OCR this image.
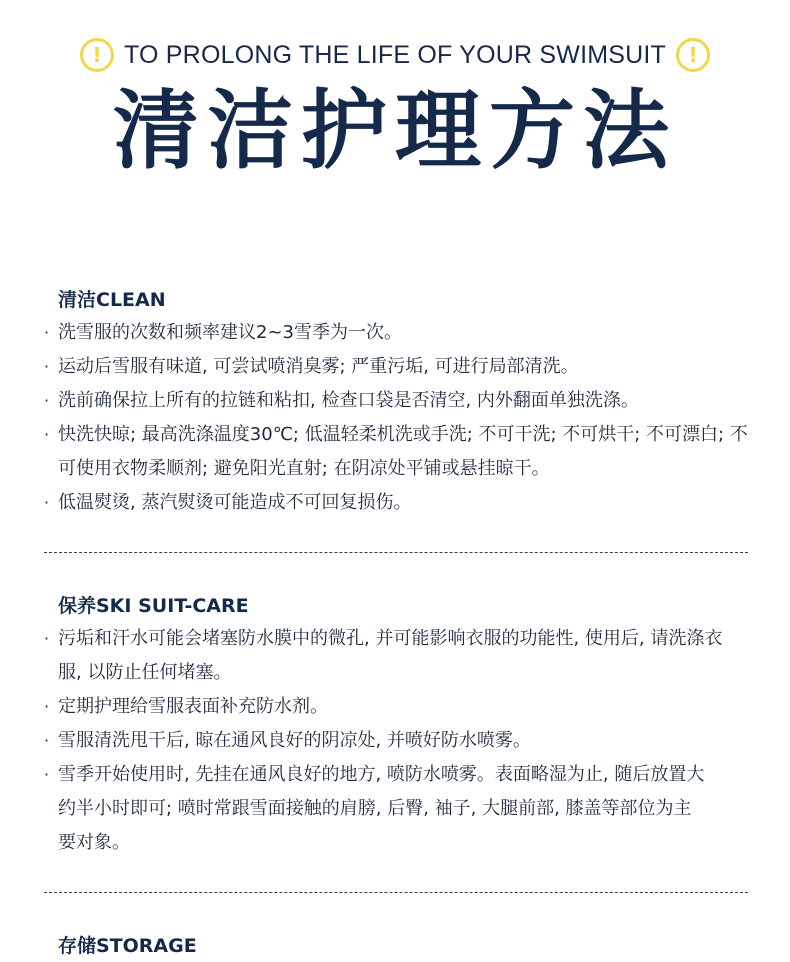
! TO PROLONG THE LIFE OF YOUR SWIMSUIT	!
清洁护理方法
清洁CLEAN
· 洗雪服的次数和频率建议2~3雪季为一次。
· 运动后雪服有味道, 可尝试喷消臭雾; 严重污垢, 可进行局部清洗。
· 洗前确保拉上所有的拉链和粘扣, 检查口袋是否清空, 内外翻面单独洗涤。
· 快洗快晾; 最高洗涤温度30℃; 低温轻柔机洗或手洗; 不可干洗; 不可烘干; 不可漂白; 不可使用衣物柔顺剂; 避免阳光直射; 在阴凉处平铺或悬挂晾干。
· 低温熨烫, 蒸汽熨烫可能造成不可回复损伤。
保养SKI SUIT-CARE
· 污垢和汗水可能会堵塞防水膜中的微孔, 并可能影响衣服的功能性, 使用后, 请洗涤衣服, 以防止任何堵塞。
· 定期护理给雪服表面补充防水剂。
· 雪服清洗甩干后, 晾在通风良好的阴凉处, 并喷好防水喷雾。
· 雪季开始使用时, 先挂在通风良好的地方, 喷防水喷雾。表面略湿为止, 随后放置大约半小时即可; 喷时常跟雪面接触的肩膀, 后臀, 袖子, 大腿前部, 膝盖等部位为主要对象。
存储STORAGE
